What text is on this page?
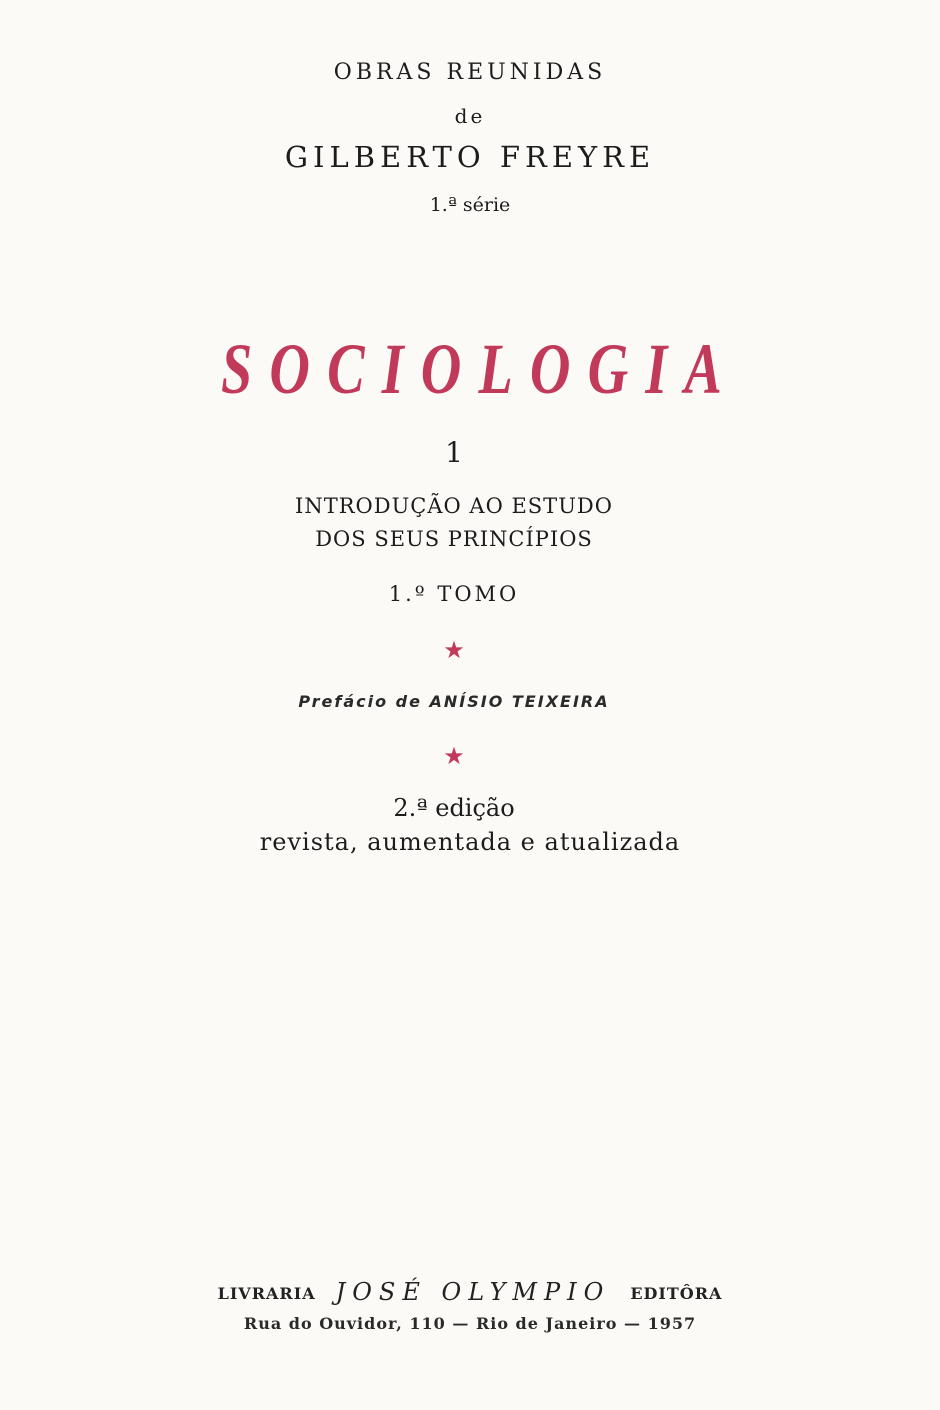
OBRAS REUNIDAS
de
GILBERTO FREYRE
1.ª série
SOCIOLOGIA
1
INTRODUÇÃO AO ESTUDO
DOS SEUS PRINCÍPIOS
1.º TOMO
★
Prefácio de ANÍSIO TEIXEIRA
★
2.ª edição
revista, aumentada e atualizada
LIVRARIA JOSÉ OLYMPIO EDITÔRA
Rua do Ouvidor, 110 — Rio de Janeiro — 1957
